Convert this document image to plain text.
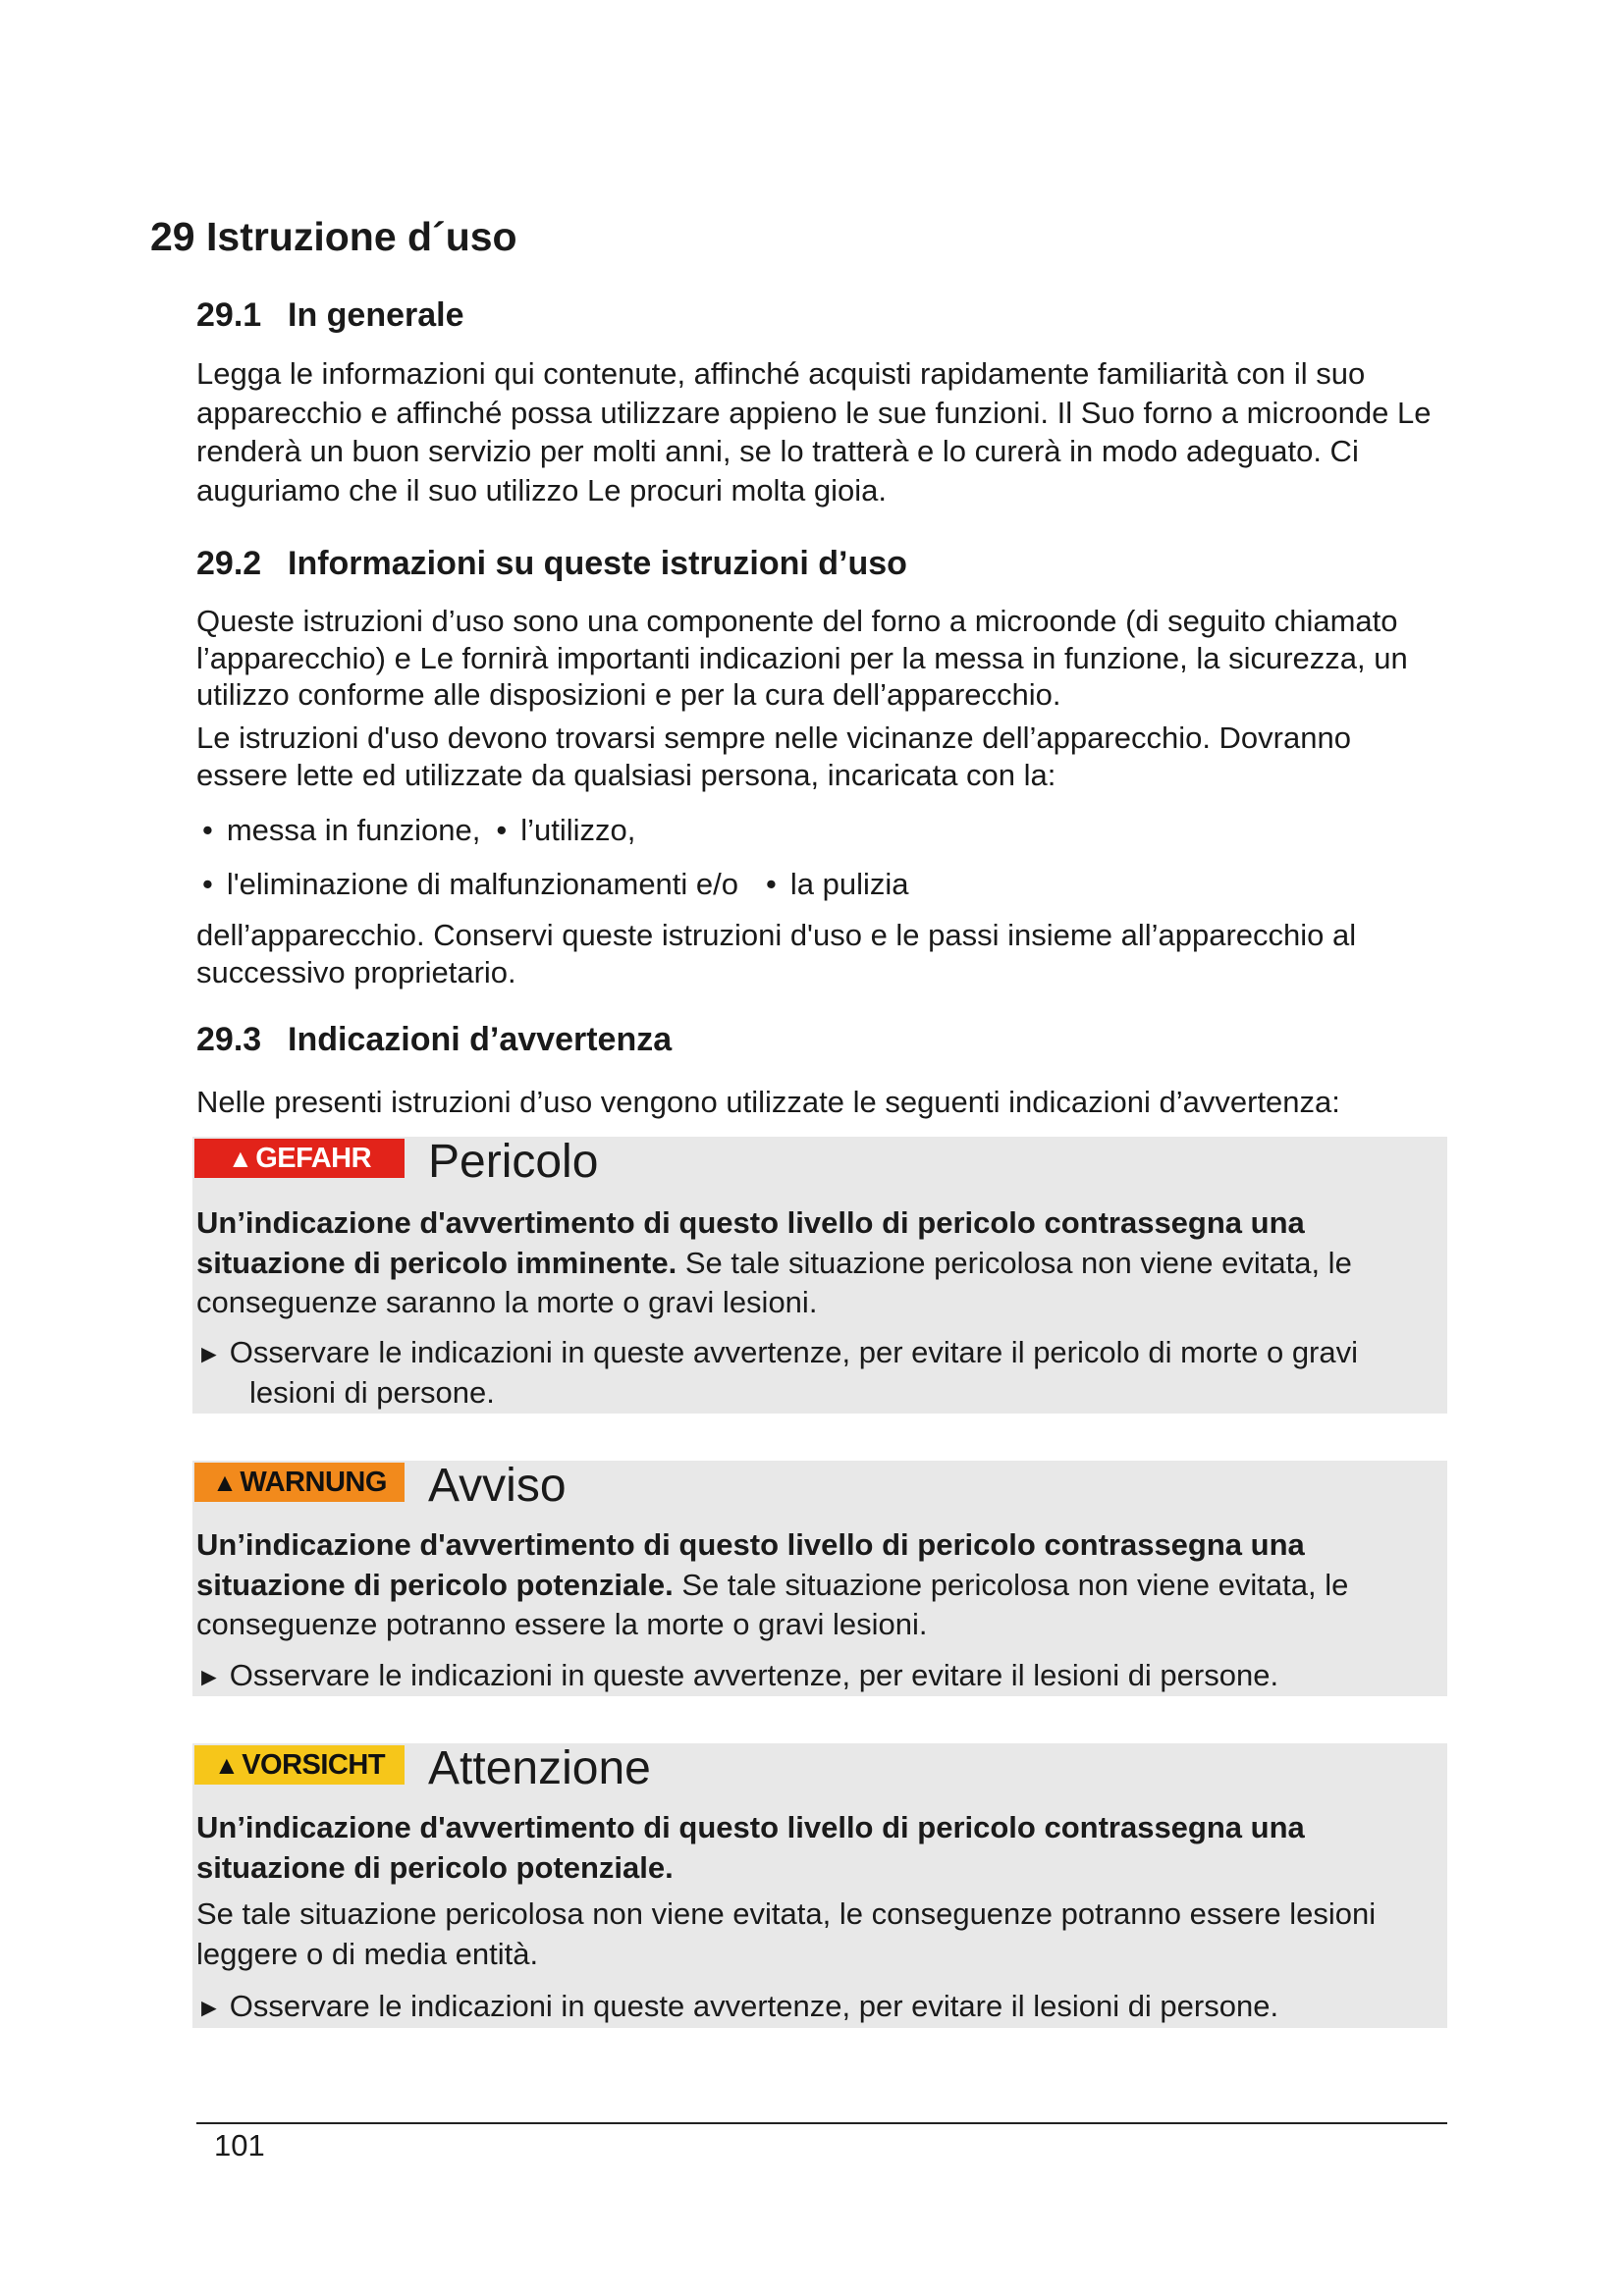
29 Istruzione d´uso
29.1 In generale

Legga le informazioni qui contenute, affinché acquisti rapidamente familiarità con il suo apparecchio e affinché possa utilizzare appieno le sue funzioni. Il Suo forno a microonde Le renderà un buon servizio per molti anni, se lo tratterà e lo curerà in modo adeguato. Ci auguriamo che il suo utilizzo Le procuri molta gioia.

29.2 Informazioni su queste istruzioni d’uso

Queste istruzioni d’uso sono una componente del forno a microonde (di seguito chiamato l’apparecchio) e Le fornirà importanti indicazioni per la messa in funzione, la sicurezza, un utilizzo conforme alle disposizioni e per la cura dell’apparecchio.

Le istruzioni d'uso devono trovarsi sempre nelle vicinanze dell’apparecchio. Dovranno essere lette ed utilizzate da qualsiasi persona, incaricata con la:

• messa in funzione, • l’utilizzo,
• l'eliminazione di malfunzionamenti e/o • la pulizia

dell’apparecchio. Conservi queste istruzioni d'uso e le passi insieme all’apparecchio al successivo proprietario.

29.3 Indicazioni d’avvertenza

Nelle presenti istruzioni d’uso vengono utilizzate le seguenti indicazioni d’avvertenza:

▲ GEFAHR Pericolo

Un’indicazione d'avvertimento di questo livello di pericolo contrassegna una situazione di pericolo imminente. Se tale situazione pericolosa non viene evitata, le conseguenze saranno la morte o gravi lesioni.

► Osservare le indicazioni in queste avvertenze, per evitare il pericolo di morte o gravi
lesioni di persone.

▲ WARNUNG Avviso

Un’indicazione d'avvertimento di questo livello di pericolo contrassegna una situazione di pericolo potenziale. Se tale situazione pericolosa non viene evitata, le conseguenze potranno essere la morte o gravi lesioni.

► Osservare le indicazioni in queste avvertenze, per evitare il lesioni di persone.

▲ VORSICHT Attenzione

Un’indicazione d'avvertimento di questo livello di pericolo contrassegna una situazione di pericolo potenziale.

Se tale situazione pericolosa non viene evitata, le conseguenze potranno essere lesioni leggere o di media entità.

► Osservare le indicazioni in queste avvertenze, per evitare il lesioni di persone.

101
